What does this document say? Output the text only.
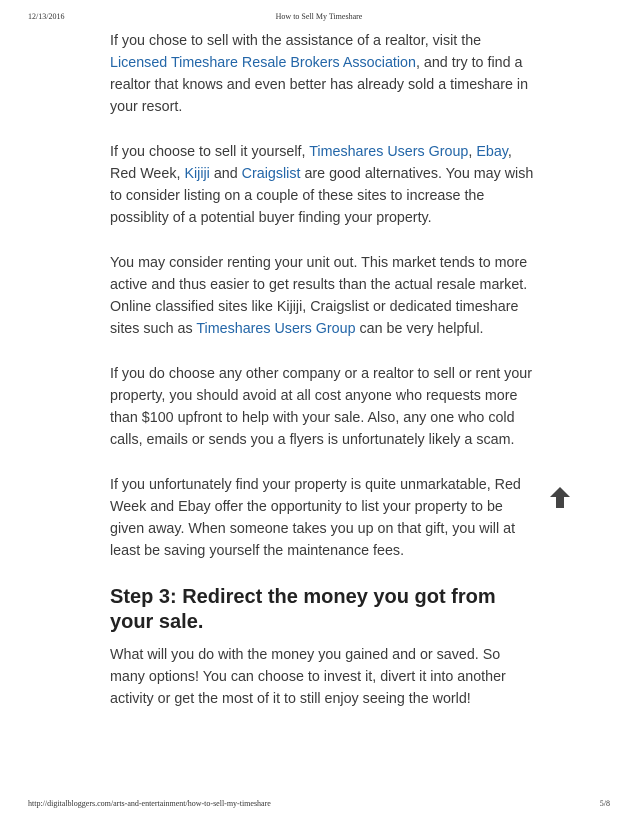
12/13/2016	How to Sell My Timeshare

If you chose to sell with the assistance of a realtor, visit the Licensed Timeshare Resale Brokers Association, and try to find a realtor that knows and even better has already sold a timeshare in your resort.

If you choose to sell it yourself, Timeshares Users Group, Ebay, Red Week, Kijiji and Craigslist are good alternatives. You may wish to consider listing on a couple of these sites to increase the possiblity of a potential buyer finding your property.

You may consider renting your unit out. This market tends to more active and thus easier to get results than the actual resale market. Online classified sites like Kijiji, Craigslist or dedicated timeshare sites such as Timeshares Users Group can be very helpful.

If you do choose any other company or a realtor to sell or rent your property, you should avoid at all cost anyone who requests more than $100 upfront to help with your sale. Also, any one who cold calls, emails or sends you a flyers is unfortunately likely a scam.

If you unfortunately find your property is quite unmarkatable, Red Week and Ebay offer the opportunity to list your property to be given away. When someone takes you up on that gift, you will at least be saving yourself the maintenance fees.

Step 3: Redirect the money you got from your sale.

What will you do with the money you gained and or saved. So many options! You can choose to invest it, divert it into another activity or get the most of it to still enjoy seeing the world!

http://digitalbloggers.com/arts-and-entertainment/how-to-sell-my-timeshare	5/8
